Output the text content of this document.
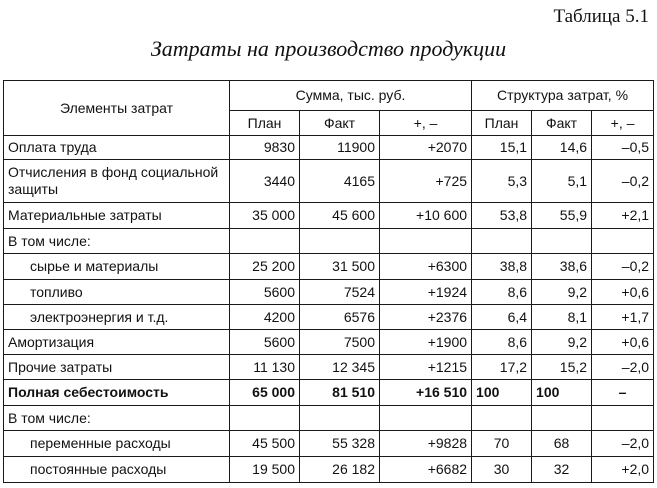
Таблица 5.1
Затраты на производство продукции
Элементы затрат	Сумма, тыс. руб.			Структура затрат, %		
	План	Факт	+, –	План	Факт	+, –
Оплата труда	9830	11900	+2070	15,1	14,6	–0,5
Отчисления в фонд социальной защиты	3440	4165	+725	5,3	5,1	–0,2
Материальные затраты	35 000	45 600	+10 600	53,8	55,9	+2,1
В том числе:						
сырье и материалы	25 200	31 500	+6300	38,8	38,6	–0,2
топливо	5600	7524	+1924	8,6	9,2	+0,6
электроэнергия и т.д.	4200	6576	+2376	6,4	8,1	+1,7
Амортизация	5600	7500	+1900	8,6	9,2	+0,6
Прочие затраты	11 130	12 345	+1215	17,2	15,2	–2,0
Полная себестоимость	65 000	81 510	+16 510	100	100	–
В том числе:						
переменные расходы	45 500	55 328	+9828	70	68	–2,0
постоянные расходы	19 500	26 182	+6682	30	32	+2,0
